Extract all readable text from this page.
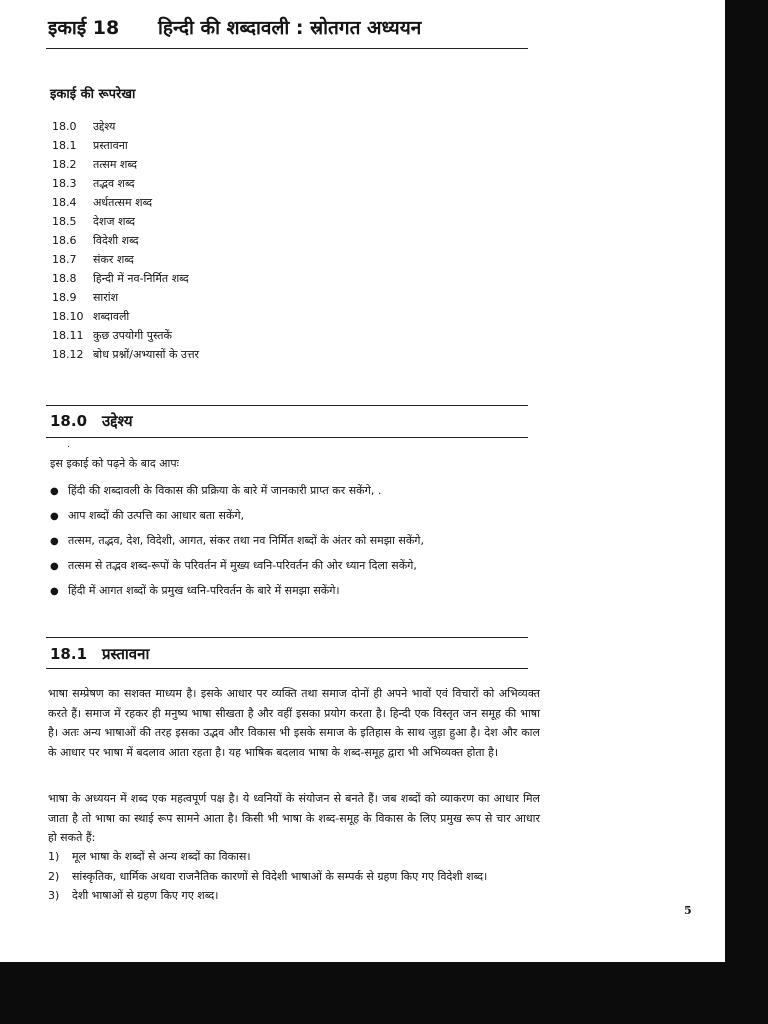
इकाई 18 हिन्दी की शब्दावली : स्रोतगत अध्ययन
इकाई की रूपरेखा
18.0 उद्देश्य
18.1 प्रस्तावना
18.2 तत्सम शब्द
18.3 तद्भव शब्द
18.4 अर्धतत्सम शब्द
18.5 देशज शब्द
18.6 विदेशी शब्द
18.7 संकर शब्द
18.8 हिन्दी में नव-निर्मित शब्द
18.9 सारांश
18.10 शब्दावली
18.11 कुछ उपयोगी पुस्तकें
18.12 बोध प्रश्नों/अभ्यासों के उत्तर
18.0 उद्देश्य
.
इस इकाई को पढ़ने के बाद आपः
● हिंदी की शब्दावली के विकास की प्रक्रिया के बारे में जानकारी प्राप्त कर सकेंगे, .
● आप शब्दों की उत्पत्ति का आधार बता सकेंगे,
● तत्सम, तद्भव, देश, विदेशी, आगत, संकर तथा नव निर्मित शब्दों के अंतर को समझा सकेंगे,
● तत्सम से तद्भव शब्द-रूपों के परिवर्तन में मुख्य ध्वनि-परिवर्तन की ओर ध्यान दिला सकेंगे,
● हिंदी में आगत शब्दों के प्रमुख ध्वनि-परिवर्तन के बारे में समझा सकेंगे।
18.1 प्रस्तावना

भाषा सम्प्रेषण का सशक्त माध्यम है। इसके आधार पर व्यक्ति तथा समाज दोनों ही अपने भावों एवं विचारों को अभिव्यक्त करते हैं। समाज में रहकर ही मनुष्य भाषा सीखता है और वहीं इसका प्रयोग करता है। हिन्दी एक विस्तृत जन समूह की भाषा है। अतः अन्य भाषाओं की तरह इसका उद्भव और विकास भी इसके समाज के इतिहास के साथ जुड़ा हुआ है। देश और काल के आधार पर भाषा में बदलाव आता रहता है। यह भाषिक बदलाव भाषा के शब्द-समूह द्वारा भी अभिव्यक्त होता है।

भाषा के अध्ययन में शब्द एक महत्वपूर्ण पक्ष है। ये ध्वनियों के संयोजन से बनते हैं। जब शब्दों को व्याकरण का आधार मिल जाता है तो भाषा का स्थाई रूप सामने आता है। किसी भी भाषा के शब्द-समूह के विकास के लिए प्रमुख रूप से चार आधार हो सकते हैं:

1)	मूल भाषा के शब्दों से अन्य शब्दों का विकास।
2)	सांस्कृतिक, धार्मिक अथवा राजनैतिक कारणों से विदेशी भाषाओं के सम्पर्क से ग्रहण किए गए विदेशी शब्द।
3)	देशी भाषाओं से ग्रहण किए गए शब्द।
5
